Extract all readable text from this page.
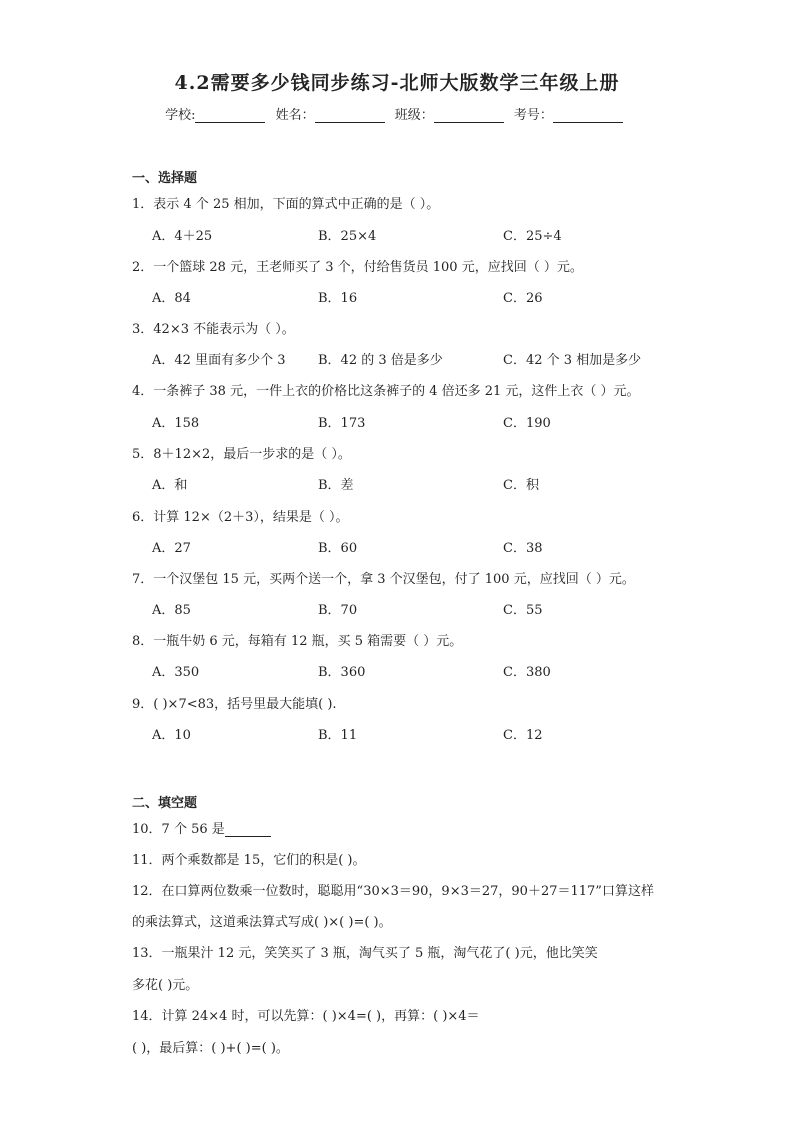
4.2需要多少钱同步练习-北师大版数学三年级上册
学校:	姓名：	班级：	考号：
一、选择题
1．表示 4 个 25 相加，下面的算式中正确的是（ ）。
A．4＋25	B．25×4	C．25÷4
2．一个篮球 28 元，王老师买了 3 个，付给售货员 100 元，应找回（ ）元。
A．84	B．16	C．26
3．42×3 不能表示为（ ）。
A．42 里面有多少个 3	B．42 的 3 倍是多少	C．42 个 3 相加是多少
4．一条裤子 38 元，一件上衣的价格比这条裤子的 4 倍还多 21 元，这件上衣（ ）元。
A．158	B．173	C．190
5．8＋12×2，最后一步求的是（ ）。
A．和	B．差	C．积
6．计算 12×（2＋3），结果是（ ）。
A．27	B．60	C．38
7．一个汉堡包 15 元，买两个送一个，拿 3 个汉堡包，付了 100 元，应找回（ ）元。
A．85	B．70	C．55
8．一瓶牛奶 6 元，每箱有 12 瓶，买 5 箱需要（ ）元。
A．350	B．360	C．380
9．( )×7<83，括号里最大能填( ).
A．10	B．11	C．12
二、填空题
10．7 个 56 是
11．两个乘数都是 15，它们的积是( )。
12．在口算两位数乘一位数时，聪聪用“30×3＝90，9×3＝27，90＋27＝117”口算这样
的乘法算式，这道乘法算式写成( )×( )=( )。
13．一瓶果汁 12 元，笑笑买了 3 瓶，淘气买了 5 瓶，淘气花了( )元，他比笑笑
多花( )元。
14．计算 24×4 时，可以先算：( )×4=( )，再算：( )×4＝
( )，最后算：( )+( )=( )。
